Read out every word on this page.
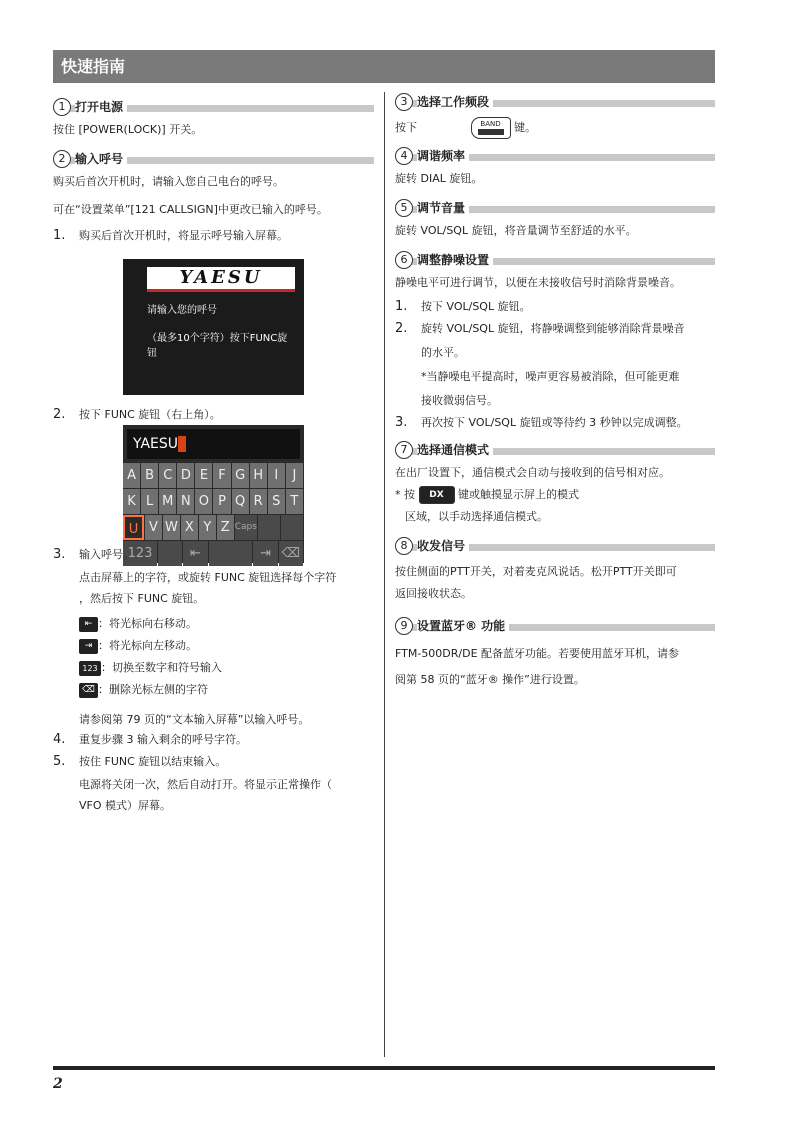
快速指南
1 打开电源

按住 [POWER(LOCK)] 开关。

2 输入呼号

购买后首次开机时，请输入您自己电台的呼号。

可在“设置菜单”[121 CALLSIGN]中更改已输入的呼号。

1. 购买后首次开机时，将显示呼号输入屏幕。
YAESU
请输入您的呼号
（最多10个字符）按下FUNC旋钮
2. 按下 FUNC 旋钮（右上角）。
YAESU
A B C D E F G H I	J
K L M N O P Q R S T
U V W X Y Z Caps
123	⇤	⇥ ⌫
3. 输入呼号。
点击屏幕上的字符，或旋转 FUNC 旋钮选择每个字符
，然后按下 FUNC 旋钮。
⇤ ：将光标向右移动。
⇥ ：将光标向左移动。
123 ：切换至数字和符号输入
⌫ ：删除光标左侧的字符
请参阅第 79 页的“文本输入屏幕”以输入呼号。
4. 重复步骤 3 输入剩余的呼号字符。
5. 按住 FUNC 旋钮以结束输入。
电源将关闭一次，然后自动打开。将显示正常操作（
VFO 模式）屏幕。
3 选择工作频段

按下	BAND	键。

4 调谐频率

旋转 DIAL 旋钮。

5 调节音量

旋转 VOL/SQL 旋钮，将音量调节至舒适的水平。

6 调整静噪设置

静噪电平可进行调节，以便在未接收信号时消除背景噪音。

1. 按下 VOL/SQL 旋钮。
2. 旋转 VOL/SQL 旋钮，将静噪调整到能够消除背景噪音
的水平。
*当静噪电平提高时，噪声更容易被消除，但可能更难
接收微弱信号。
3. 再次按下 VOL/SQL 旋钮或等待约 3 秒钟以完成调整。
7 选择通信模式

在出厂设置下，通信模式会自动与接收到的信号相对应。

* 按 DX 键或触摸显示屏上的模式

区域，以手动选择通信模式。

8 收发信号

按住侧面的PTT开关，对着麦克风说话。松开PTT开关即可
返回接收状态。

9 设置蓝牙® 功能

FTM-500DR/DE 配备蓝牙功能。若要使用蓝牙耳机，请参
阅第 58 页的“蓝牙® 操作”进行设置。

2
